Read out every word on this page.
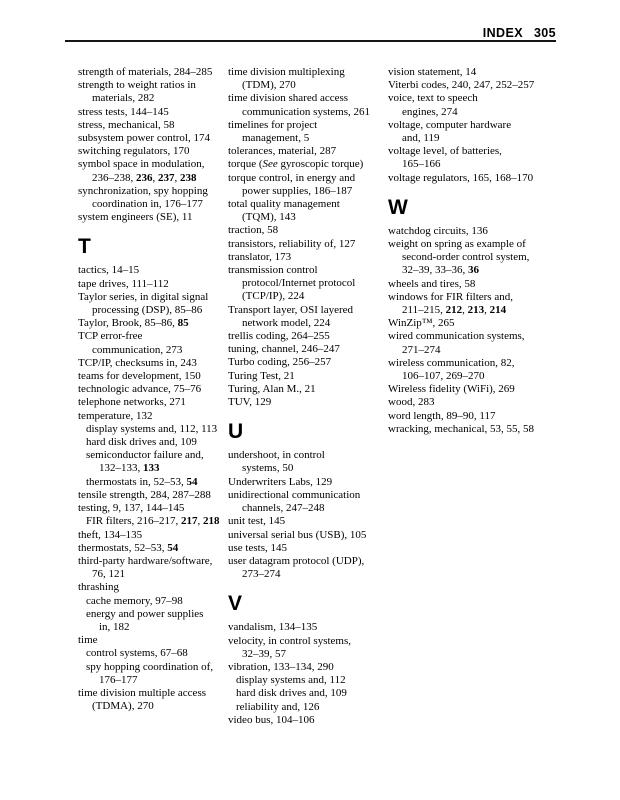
INDEX 305
strength of materials, 284–285
strength to weight ratios in
materials, 282
stress tests, 144–145
stress, mechanical, 58
subsystem power control, 174
switching regulators, 170
symbol space in modulation,
236–238, 236, 237, 238
synchronization, spy hopping
coordination in, 176–177
system engineers (SE), 11
T
tactics, 14–15
tape drives, 111–112
Taylor series, in digital signal
processing (DSP), 85–86
Taylor, Brook, 85–86, 85
TCP error-free
communication, 273
TCP/IP, checksums in, 243
teams for development, 150
technologic advance, 75–76
telephone networks, 271
temperature, 132
display systems and, 112, 113
hard disk drives and, 109
semiconductor failure and,
132–133, 133
thermostats in, 52–53, 54
tensile strength, 284, 287–288
testing, 9, 137, 144–145
FIR filters, 216–217, 217, 218
theft, 134–135
thermostats, 52–53, 54
third-party hardware/software,
76, 121
thrashing
cache memory, 97–98
energy and power supplies
in, 182
time
control systems, 67–68
spy hopping coordination of,
176–177
time division multiple access
(TDMA), 270
time division multiplexing
(TDM), 270
time division shared access
communication systems, 261
timelines for project
management, 5
tolerances, material, 287
torque (See gyroscopic torque)
torque control, in energy and
power supplies, 186–187
total quality management
(TQM), 143
traction, 58
transistors, reliability of, 127
translator, 173
transmission control
protocol/Internet protocol
(TCP/IP), 224
Transport layer, OSI layered
network model, 224
trellis coding, 264–255
tuning, channel, 246–247
Turbo coding, 256–257
Turing Test, 21
Turing, Alan M., 21
TUV, 129
U
undershoot, in control
systems, 50
Underwriters Labs, 129
unidirectional communication
channels, 247–248
unit test, 145
universal serial bus (USB), 105
use tests, 145
user datagram protocol (UDP),
273–274
V
vandalism, 134–135
velocity, in control systems,
32–39, 57
vibration, 133–134, 290
display systems and, 112
hard disk drives and, 109
reliability and, 126
video bus, 104–106
vision statement, 14
Viterbi codes, 240, 247, 252–257
voice, text to speech
engines, 274
voltage, computer hardware
and, 119
voltage level, of batteries,
165–166
voltage regulators, 165, 168–170
W
watchdog circuits, 136
weight on spring as example of
second-order control system,
32–39, 33–36, 36
wheels and tires, 58
windows for FIR filters and,
211–215, 212, 213, 214
WinZip™, 265
wired communication systems,
271–274
wireless communication, 82,
106–107, 269–270
Wireless fidelity (WiFi), 269
wood, 283
word length, 89–90, 117
wracking, mechanical, 53, 55, 58
